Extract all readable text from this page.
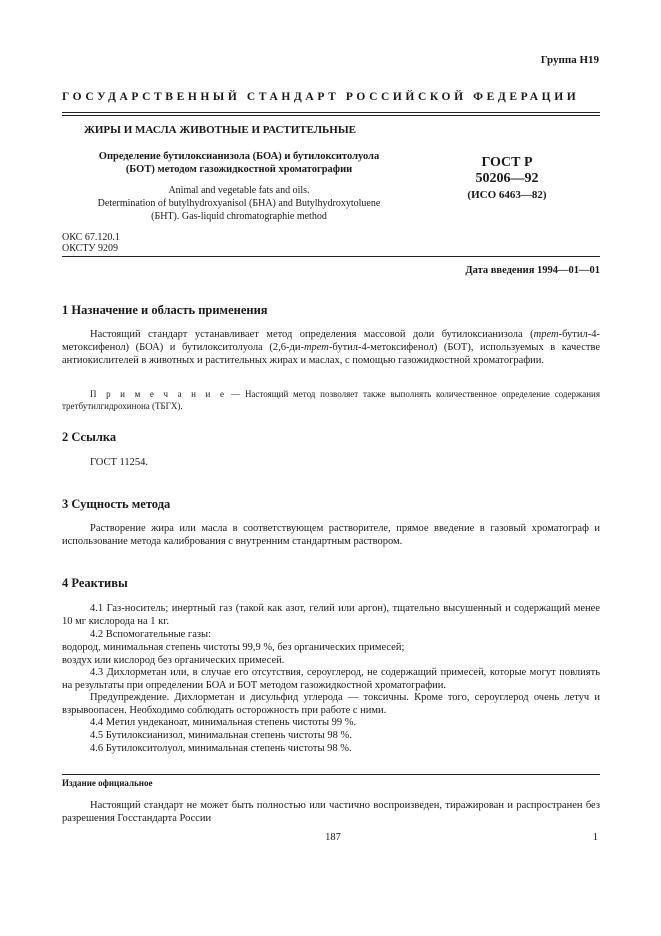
Группа Н19
ГОСУДАРСТВЕННЫЙ СТАНДАРТ РОССИЙСКОЙ ФЕДЕРАЦИИ
ЖИРЫ И МАСЛА ЖИВОТНЫЕ И РАСТИТЕЛЬНЫЕ
Определение бутилоксианизола (БОА) и бутилокситолуола
(БОТ) методом газожидкостной хроматографии	ГОСТ Р
50206—92
(ИСО 6463—82)
Animal and vegetable fats and oils.
Determination of butylhydroxyanisol (БНА) and Butylhydroxytoluene
(БНТ). Gas-liquid chromatographie method
ОКС 67.120.1
ОКСТУ 9209
Дата введения 1994—01—01
1 Назначение и область применения
Настоящий стандарт устанавливает метод определения массовой доли бутилоксианизола (трет-бутил-4-метоксифенол) (БОА) и бутилокситолуола (2,6-ди-трет-бутил-4-метоксифенол) (БОТ), используемых в качестве антиокислителей в животных и растительных жирах и маслах, с помощью газожидкостной хроматографии.
П р и м е ч а н и е — Настоящий метод позволяет также выполнять количественное определение содержания третбутилгидрохинона (ТБГХ).
2 Ссылка
ГОСТ 11254.
3 Сущность метода
Растворение жира или масла в соответствующем растворителе, прямое введение в газовый хроматограф и использование метода калибрования с внутренним стандартным раствором.
4 Реактивы
4.1 Газ-носитель; инертный газ (такой как азот, гелий или аргон), тщательно высушенный и содержащий менее 10 мг кислорода на 1 кг.
4.2 Вспомогательные газы:
водород, минимальная степень чистоты 99,9 %, без органических примесей;
воздух или кислород без органических примесей.
4.3 Дихлорметан или, в случае его отсутствия, сероуглерод, не содержащий примесей, которые могут повлиять на результаты при определении БОА и БОТ методом газожидкостной хроматографии.
Предупреждение. Дихлорметан и дисульфид углерода — токсичны. Кроме того, сероуглерод очень летуч и взрывоопасен. Необходимо соблюдать осторожность при работе с ними.
4.4 Метил ундеканоат, минимальная степень чистоты 99 %.
4.5 Бутилоксианизол, минимальная степень чистоты 98 %.
4.6 Бутилокситолуол, минимальная степень чистоты 98 %.
Издание официальное
Настоящий стандарт не может быть полностью или частично воспроизведен, тиражирован и распространен без разрешения Госстандарта России
187	1
